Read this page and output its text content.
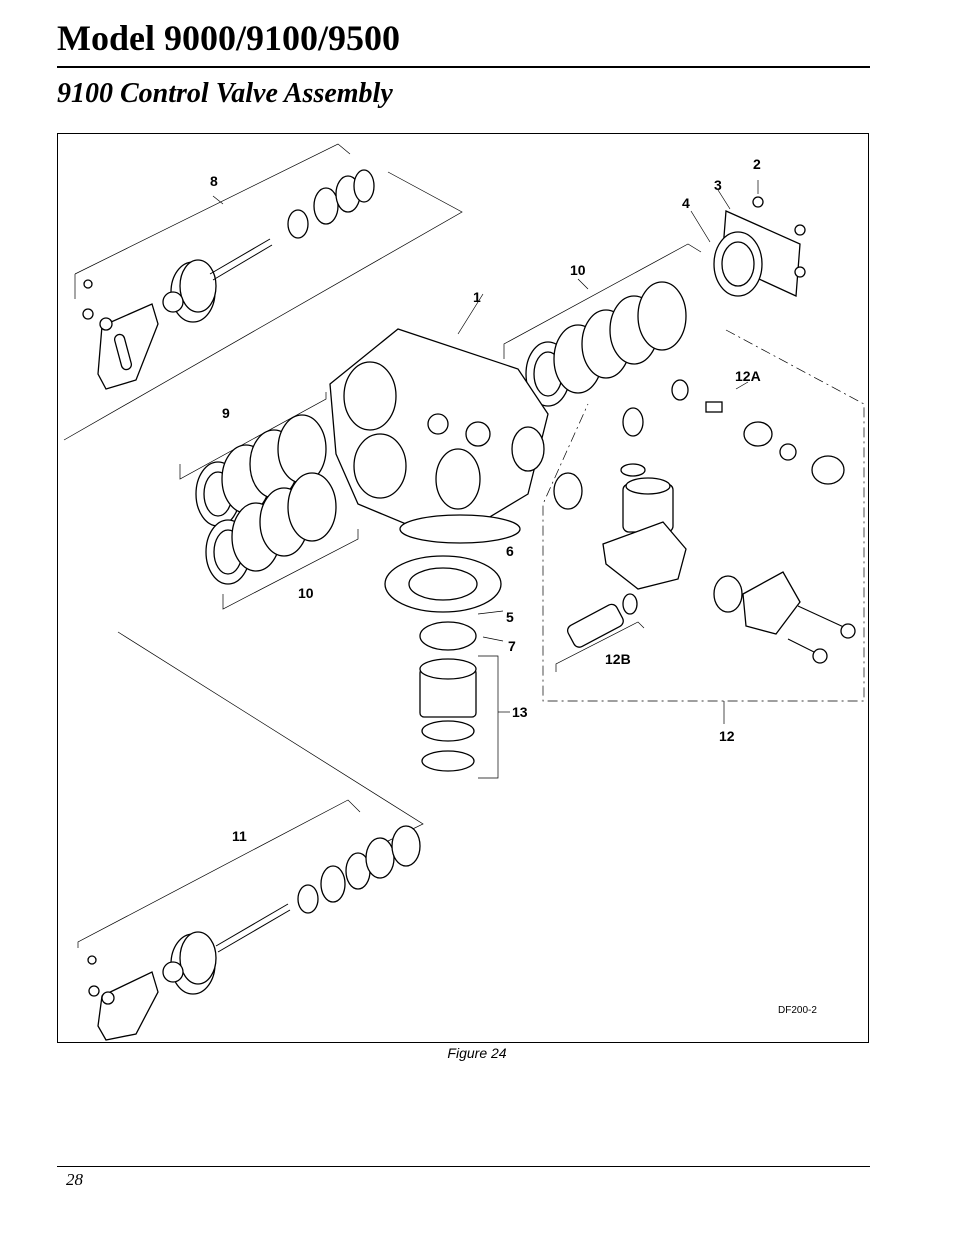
Model 9000/9100/9500
9100 Control Valve Assembly
8
2
3
4
10
1
12A
9
6
10
5
7
12B
13
12
11
DF200-2
Figure 24
28
